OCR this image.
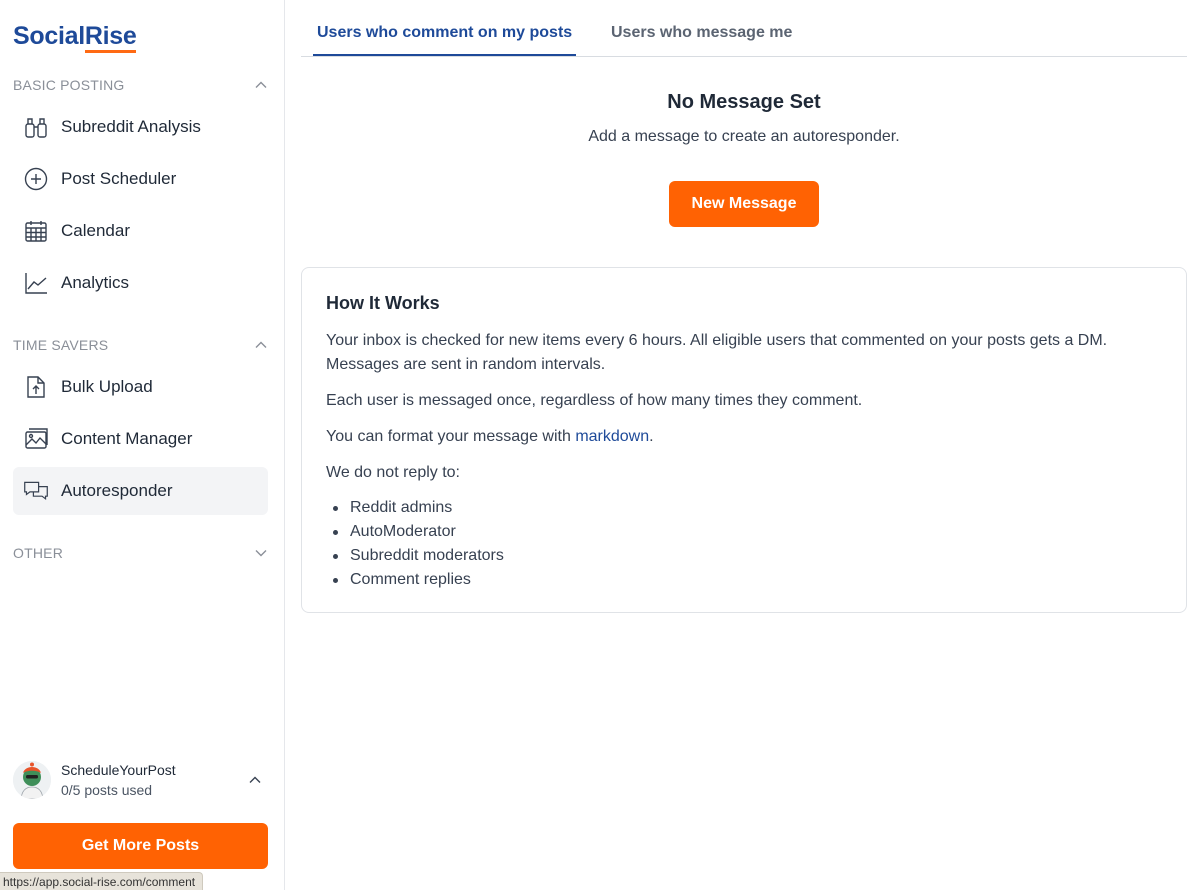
SocialRise
BASIC POSTING
Subreddit Analysis
Post Scheduler
Calendar
Analytics
TIME SAVERS
Bulk Upload
Content Manager
Autoresponder
OTHER
ScheduleYourPost
0/5 posts used
Get More Posts
https://app.social-rise.com/comment
Users who comment on my posts Users who message me
No Message Set
Add a message to create an autoresponder.
New Message
How It Works

Your inbox is checked for new items every 6 hours. All eligible users that commented on your posts gets a DM. Messages are sent in random intervals.

Each user is messaged once, regardless of how many times they comment.

You can format your message with markdown.

We do not reply to:

Reddit admins
AutoModerator
Subreddit moderators
Comment replies
